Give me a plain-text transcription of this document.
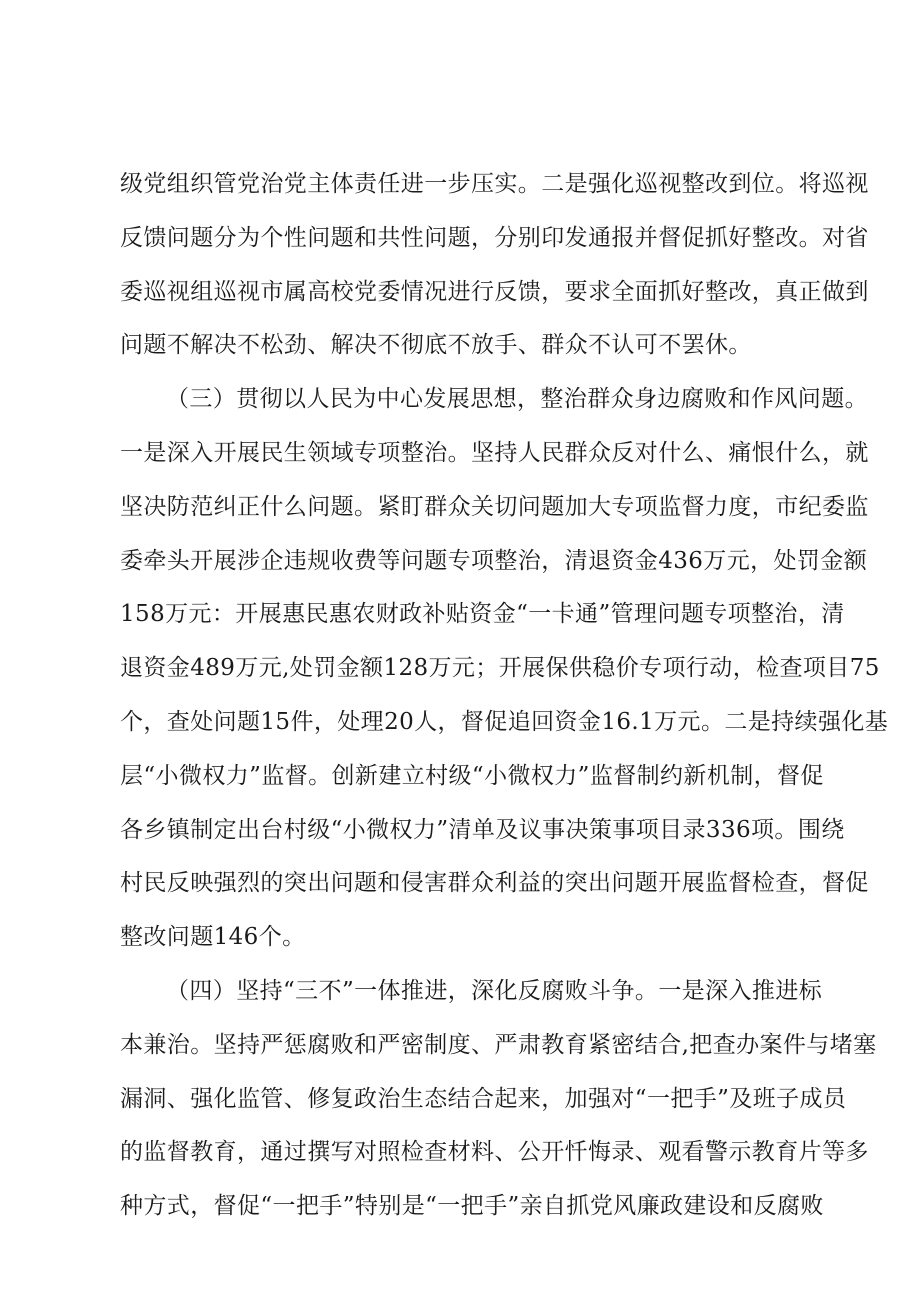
级党组织管党治党主体责任进一步压实。二是强化巡视整改到位。将巡视
反馈问题分为个性问题和共性问题，分别印发通报并督促抓好整改。对省
委巡视组巡视市属高校党委情况进行反馈，要求全面抓好整改，真正做到
问题不解决不松劲、解决不彻底不放手、群众不认可不罢休。
（三）贯彻以人民为中心发展思想，整治群众身边腐败和作风问题。
一是深入开展民生领域专项整治。坚持人民群众反对什么、痛恨什么，就
坚决防范纠正什么问题。紧盯群众关切问题加大专项监督力度，市纪委监
委牵头开展涉企违规收费等问题专项整治，清退资金436万元，处罚金额
158万元：开展惠民惠农财政补贴资金“一卡通”管理问题专项整治，清
退资金489万元,处罚金额128万元；开展保供稳价专项行动，检查项目75
个，查处问题15件，处理20人，督促追回资金16.1万元。二是持续强化基
层“小微权力”监督。创新建立村级“小微权力”监督制约新机制，督促
各乡镇制定出台村级“小微权力”清单及议事决策事项目录336项。围绕
村民反映强烈的突出问题和侵害群众利益的突出问题开展监督检查，督促
整改问题146个。
（四）坚持“三不”一体推进，深化反腐败斗争。一是深入推进标
本兼治。坚持严惩腐败和严密制度、严肃教育紧密结合,把查办案件与堵塞
漏洞、强化监管、修复政治生态结合起来，加强对“一把手”及班子成员
的监督教育，通过撰写对照检查材料、公开忏悔录、观看警示教育片等多
种方式，督促“一把手”特别是“一把手”亲自抓党风廉政建设和反腐败
